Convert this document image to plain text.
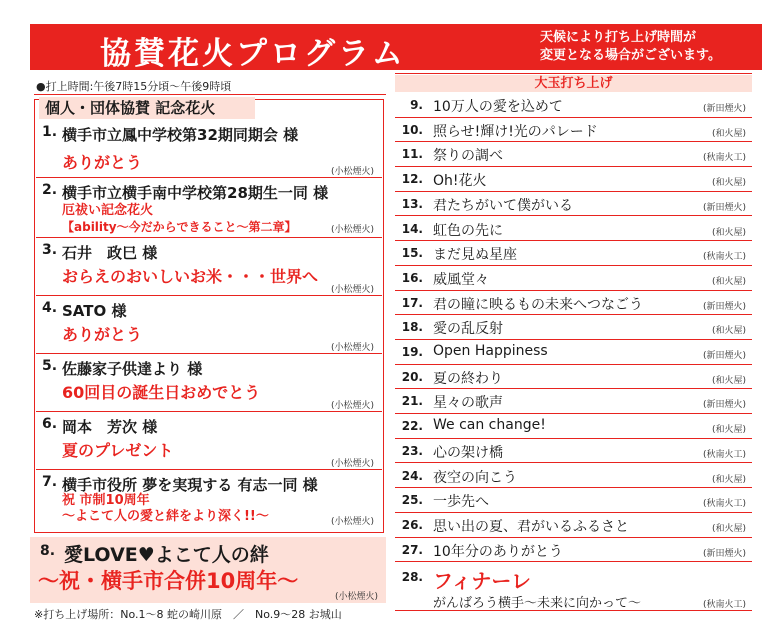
協賛花火プログラム	天候により打ち上げ時間が
変更となる場合がございます。
●打上時間:午後7時15分頃〜午後9時頃
個人・団体協賛 記念花火
1. 横手市立鳳中学校第32期同期会 様
ありがとう	(小松煙火)
2. 横手市立横手南中学校第28期生一同 様
厄祓い記念花火
【ability〜今だからできること〜第二章】	(小松煙火)
3. 石井　政巳 様
おらえのおいしいお米・・・世界へ
(小松煙火)
4. SATO 様
ありがとう
(小松煙火)
5. 佐藤家子供達より 様
60回目の誕生日おめでとう
(小松煙火)
6. 岡本　芳次 様
夏のプレゼント
(小松煙火)
7. 横手市役所 夢を実現する 有志一同 様
祝 市制10周年
〜よこて人の愛と絆をより深く!!〜	(小松煙火)
8. 愛LOVE♥よこて人の絆
〜祝・横手市合併10周年〜
(小松煙火)
※打ち上げ場所：No.1〜8 蛇の崎川原　／　No.9〜28 お城山
大玉打ち上げ
9. 10万人の愛を込めて	(新田煙火)
10. 照らせ!輝け!光のパレード	(和火屋)
11. 祭りの調べ	(秋南火工)
12. Oh!花火	(和火屋)
13. 君たちがいて僕がいる	(新田煙火)
14. 虹色の先に	(和火屋)
15. まだ見ぬ星座	(秋南火工)
16. 威風堂々	(和火屋)
17. 君の瞳に映るもの未来へつなごう	(新田煙火)
18. 愛の乱反射	(和火屋)
19. Open Happiness	(新田煙火)
20. 夏の終わり	(和火屋)
21. 星々の歌声	(新田煙火)
22. We can change!	(和火屋)
23. 心の架け橋	(秋南火工)
24. 夜空の向こう	(和火屋)
25. 一歩先へ	(秋南火工)
26. 思い出の夏、君がいるふるさと	(和火屋)
27. 10年分のありがとう	(新田煙火)
28. フィナーレ
がんばろう横手〜未来に向かって〜	(秋南火工)
